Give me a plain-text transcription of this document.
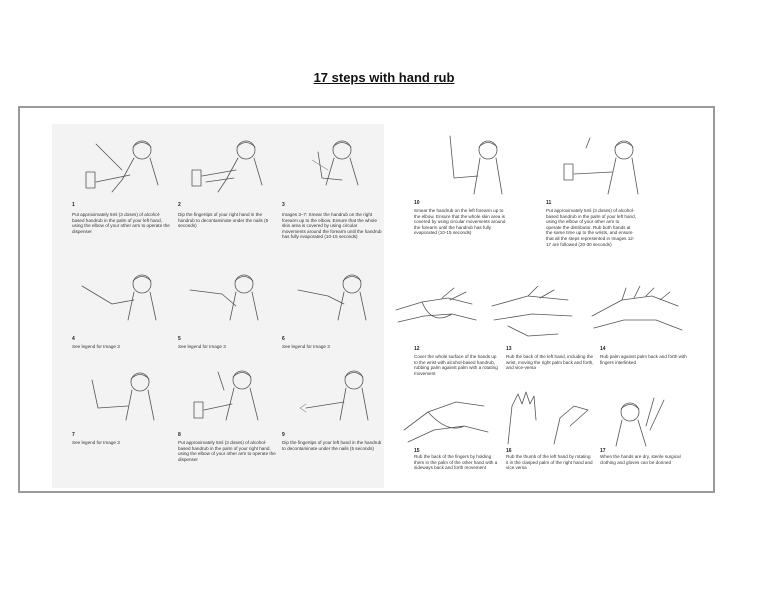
17 steps with hand rub
1
Put approximately 5ml (3 doses) of alcohol-based handrub in the palm of your left hand, using the elbow of your other arm to operate the dispenser
2
Dip the fingertips of your right hand in the handrub to decontaminate under the nails (5 seconds)
3
Images 3–7: Smear the handrub on the right forearm up to the elbow. Ensure that the whole skin area is covered by using circular movements around the forearm until the handrub has fully evaporated (10-15 seconds)
4
See legend for Image 3
5
See legend for Image 3
6
See legend for Image 3
7
See legend for Image 3
8
Put approximately 5ml (3 doses) of alcohol-based handrub in the palm of your right hand, using the elbow of your other arm to operate the dispenser
9
Dip the fingertips of your left hand in the handrub to decontaminate under the nails (5 seconds)
10
Smear the handrub on the left forearm up to the elbow. Ensure that the whole skin area is covered by using circular movements around the forearm until the handrub has fully evaporated (10-15 seconds)
11
Put approximately 5ml (3 doses) of alcohol-based handrub in the palm of your left hand, using the elbow of your other arm to operate the distributor. Rub both hands at the same time up to the wrists, and ensure that all the steps represented in Images 12-17 are followed (20-30 seconds)
12
Cover the whole surface of the hands up to the wrist with alcohol-based handrub, rubbing palm against palm with a rotating movement
13
Rub the back of the left hand, including the wrist, moving the right palm back and forth, and vice-versa
14
Rub palm against palm back and forth with fingers interlinked
15
Rub the back of the fingers by holding them in the palm of the other hand with a sideways back and forth movement
16
Rub the thumb of the left hand by rotating it in the clasped palm of the right hand and vice versa
17
When the hands are dry, sterile surgical clothing and gloves can be donned
